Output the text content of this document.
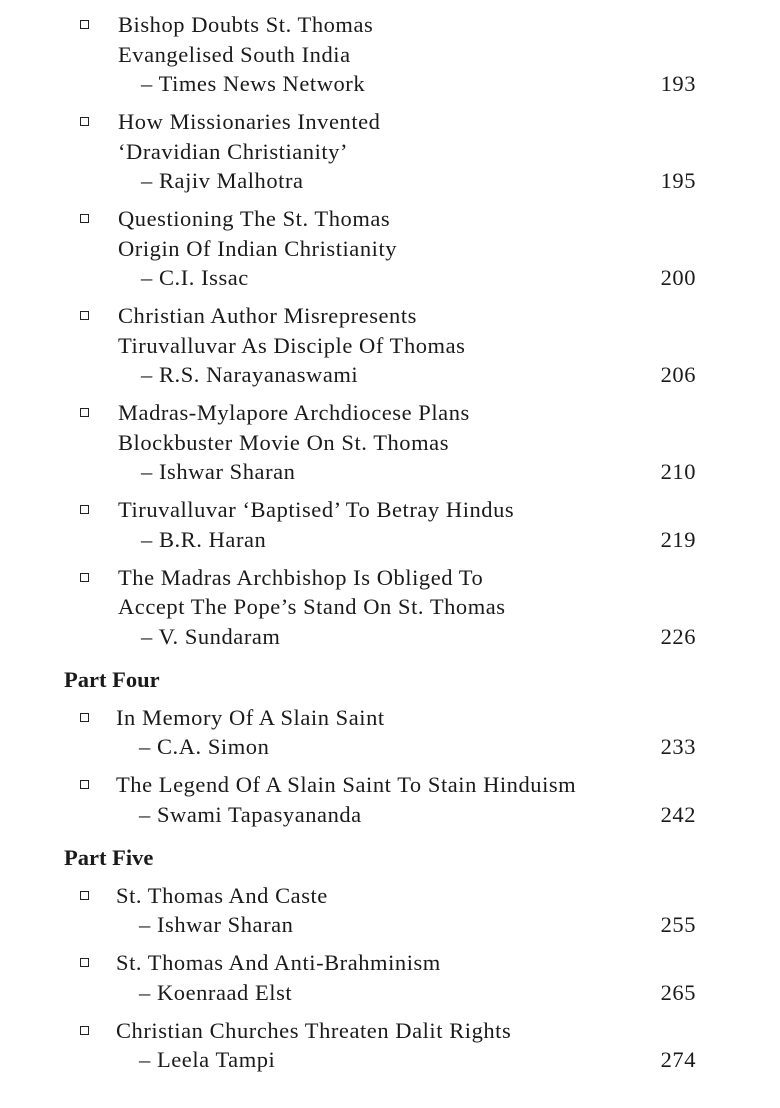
Bishop Doubts St. Thomas
Evangelised South India
– Times News Network	193
How Missionaries Invented
‘Dravidian Christianity’
– Rajiv Malhotra	195
Questioning The St. Thomas
Origin Of Indian Christianity
– C.I. Issac	200
Christian Author Misrepresents
Tiruvalluvar As Disciple Of Thomas
– R.S. Narayanaswami	206
Madras-Mylapore Archdiocese Plans
Blockbuster Movie On St. Thomas
– Ishwar Sharan	210
Tiruvalluvar ‘Baptised’ To Betray Hindus
– B.R. Haran	219
The Madras Archbishop Is Obliged To
Accept The Pope’s Stand On St. Thomas
– V. Sundaram	226
Part Four
In Memory Of A Slain Saint
– C.A. Simon	233
The Legend Of A Slain Saint To Stain Hinduism
– Swami Tapasyananda	242
Part Five
St. Thomas And Caste
– Ishwar Sharan	255
St. Thomas And Anti-Brahminism
– Koenraad Elst	265
Christian Churches Threaten Dalit Rights
– Leela Tampi	274
